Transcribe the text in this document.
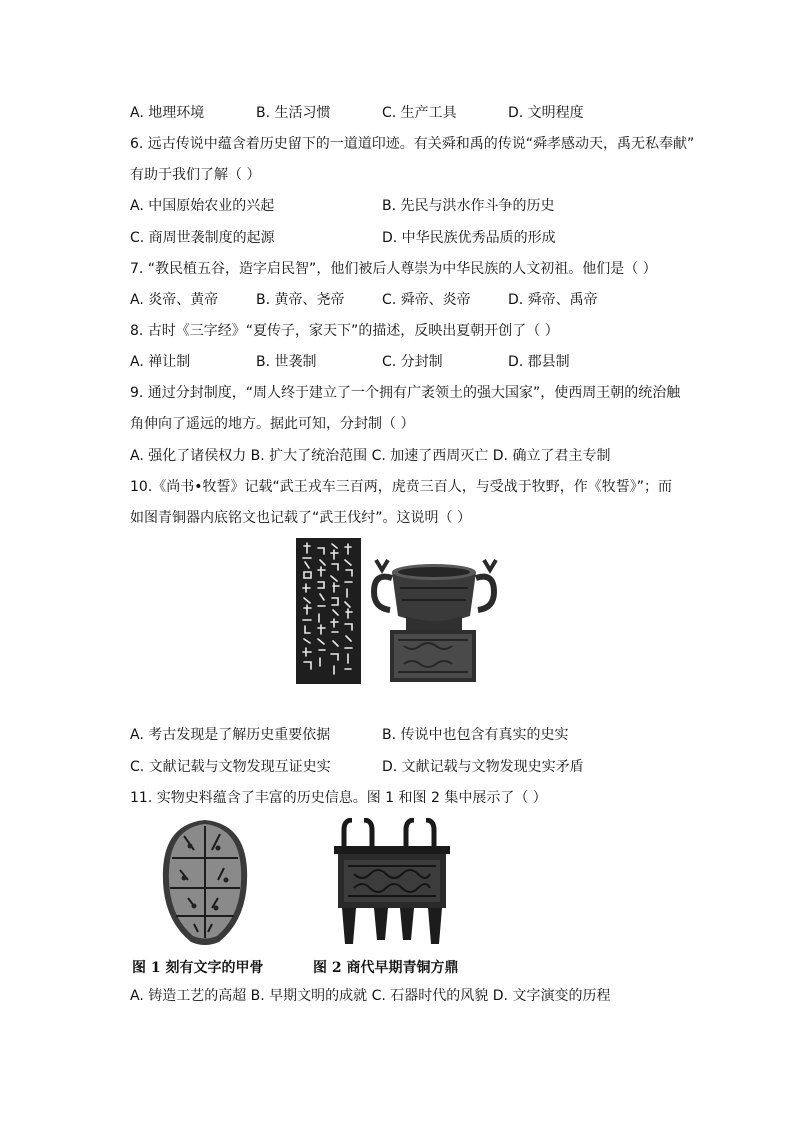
A. 地理环境	B. 生活习惯	C. 生产工具	D. 文明程度
6. 远古传说中蕴含着历史留下的一道道印迹。有关舜和禹的传说“舜孝感动天，禹无私奉献”
有助于我们了解（ ）
A. 中国原始农业的兴起	B. 先民与洪水作斗争的历史
C. 商周世袭制度的起源	D. 中华民族优秀品质的形成
7. “教民植五谷，造字启民智”，他们被后人尊崇为中华民族的人文初祖。他们是（ ）
A. 炎帝、黄帝	B. 黄帝、尧帝	C. 舜帝、炎帝	D. 舜帝、禹帝
8. 古时《三字经》“夏传子，家天下”的描述，反映出夏朝开创了（ ）
A. 禅让制	B. 世袭制	C. 分封制	D. 郡县制
9. 通过分封制度，“周人终于建立了一个拥有广袤领土的强大国家”，使西周王朝的统治触
角伸向了遥远的地方。据此可知，分封制（ ）
A. 强化了诸侯权力 B. 扩大了统治范围 C. 加速了西周灭亡 D. 确立了君主专制
10.《尚书•牧誓》记载“武王戎车三百两，虎贲三百人，与受战于牧野，作《牧誓》”；而
如图青铜器内底铭文也记载了“武王伐纣”。这说明（ ）
A. 考古发现是了解历史重要依据	B. 传说中也包含有真实的史实
C. 文献记载与文物发现互证史实	D. 文献记载与文物发现史实矛盾
11. 实物史料蕴含了丰富的历史信息。图 1 和图 2 集中展示了（ ）
图 1 刻有文字的甲骨	图 2 商代早期青铜方鼎
A. 铸造工艺的高超 B. 早期文明的成就 C. 石器时代的风貌 D. 文字演变的历程
